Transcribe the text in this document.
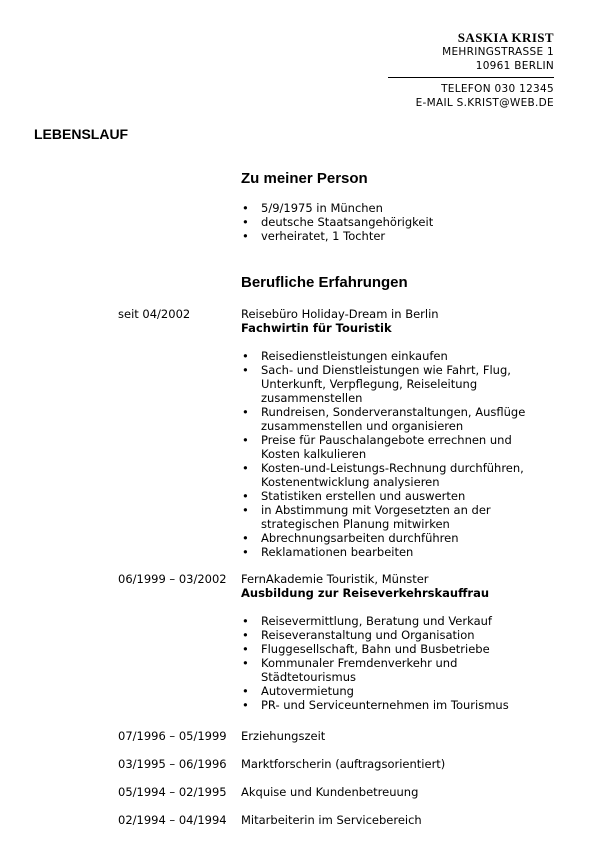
SASKIA KRIST
MEHRINGSTRASSE 1
10961 BERLIN
TELEFON 030 12345
E-MAIL S.KRIST@WEB.DE
LEBENSLAUF
Zu meiner Person
• 5/9/1975 in München
• deutsche Staatsangehörigkeit
• verheiratet, 1 Tochter
Berufliche Erfahrungen
seit 04/2002	Reisebüro Holiday-Dream in Berlin
Fachwirtin für Touristik
• Reisedienstleistungen einkaufen
• Sach- und Dienstleistungen wie Fahrt, Flug, Unterkunft, Verpflegung, Reiseleitung zusammenstellen
• Rundreisen, Sonderveranstaltungen, Ausflüge zusammenstellen und organisieren
• Preise für Pauschalangebote errechnen und Kosten kalkulieren
• Kosten-und-Leistungs-Rechnung durchführen, Kostenentwicklung analysieren
• Statistiken erstellen und auswerten
• in Abstimmung mit Vorgesetzten an der strategischen Planung mitwirken
• Abrechnungsarbeiten durchführen
• Reklamationen bearbeiten
06/1999 – 03/2002 FernAkademie Touristik, Münster
Ausbildung zur Reiseverkehrskauffrau
• Reisevermittlung, Beratung und Verkauf
• Reiseveranstaltung und Organisation
• Fluggesellschaft, Bahn und Busbetriebe
• Kommunaler Fremdenverkehr und Städtetourismus
• Autovermietung
• PR- und Serviceunternehmen im Tourismus
07/1996 – 05/1999 Erziehungszeit
03/1995 – 06/1996 Marktforscherin (auftragsorientiert)
05/1994 – 02/1995 Akquise und Kundenbetreuung
02/1994 – 04/1994 Mitarbeiterin im Servicebereich
